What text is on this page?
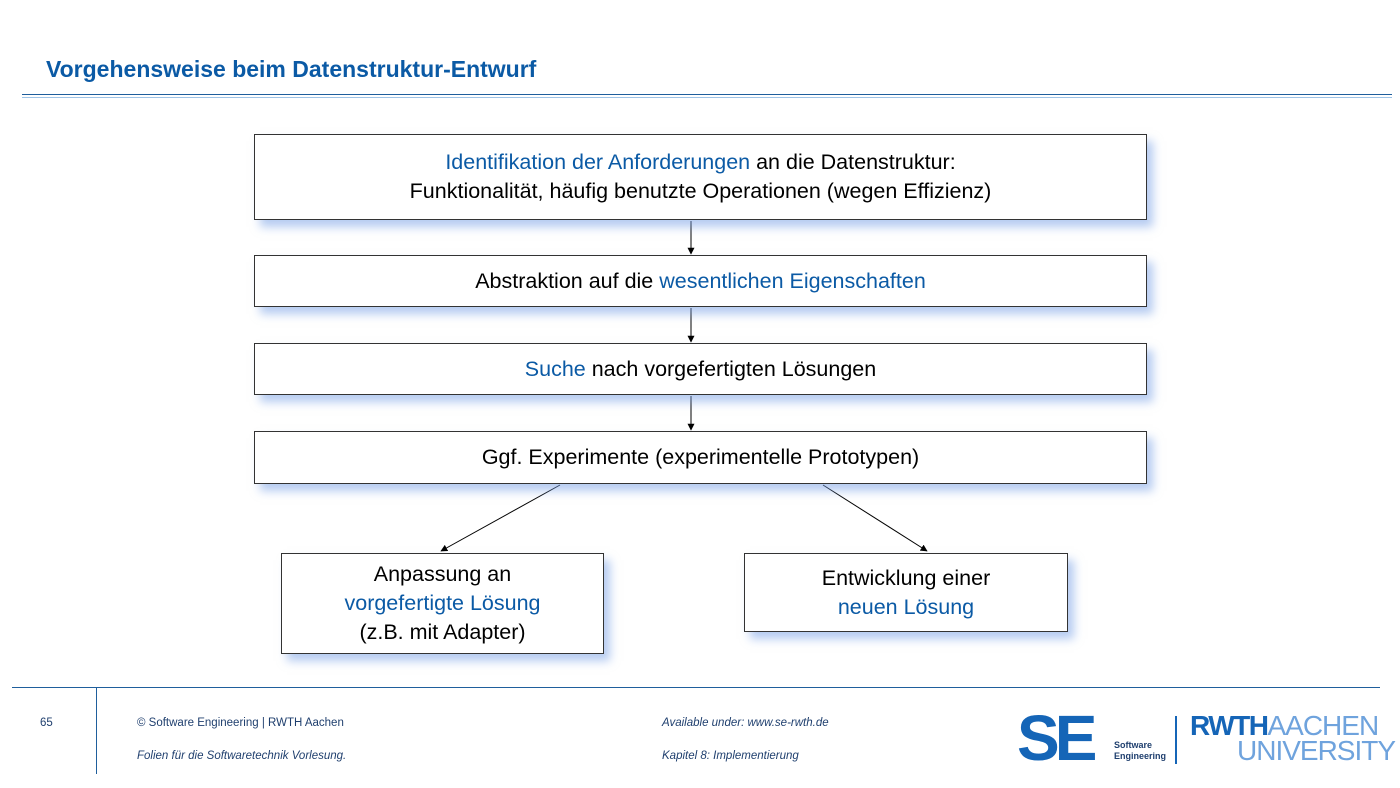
Vorgehensweise beim Datenstruktur-Entwurf
Identifikation der Anforderungen an die Datenstruktur:
Funktionalität, häufig benutzte Operationen (wegen Effizienz)
Abstraktion auf die wesentlichen Eigenschaften
Suche nach vorgefertigten Lösungen
Ggf. Experimente (experimentelle Prototypen)
Anpassung an
vorgefertigte Lösung
(z.B. mit Adapter)
Entwicklung einer
neuen Lösung
65	© Software Engineering | RWTH Aachen
Folien für die Softwaretechnik Vorlesung.
Available under: www.se-rwth.de
Kapitel 8: Implementierung	SE Software
Engineering
RWTHAACHEN
UNIVERSITY
